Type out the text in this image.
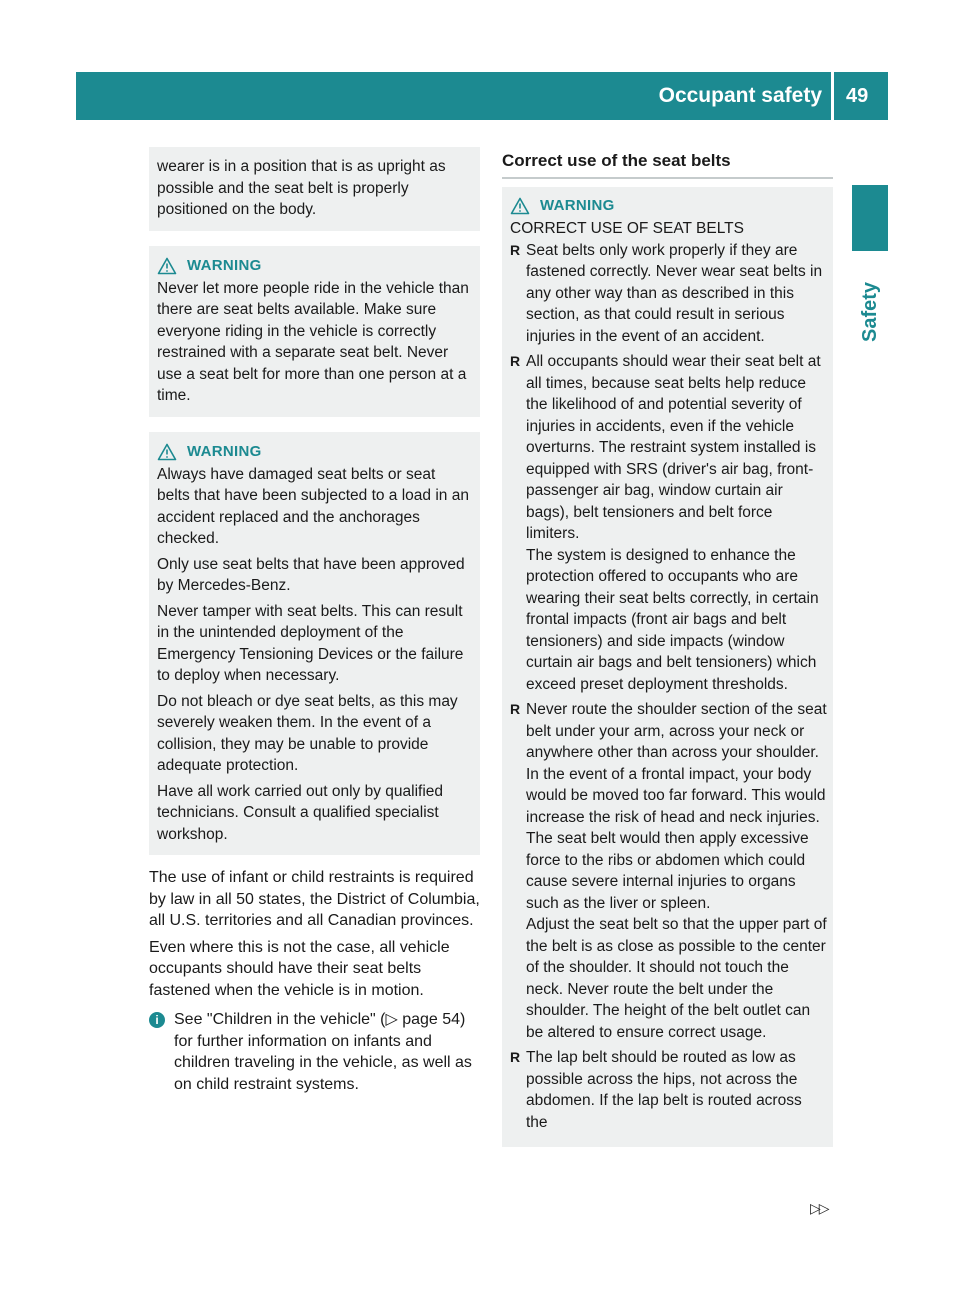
Occupant safety 49
Safety

wearer is in a position that is as upright as possible and the seat belt is properly positioned on the body.

WARNING

Never let more people ride in the vehicle than there are seat belts available. Make sure everyone riding in the vehicle is correctly restrained with a separate seat belt. Never use a seat belt for more than one person at a time.

WARNING

Always have damaged seat belts or seat belts that have been subjected to a load in an accident replaced and the anchorages checked.

Only use seat belts that have been approved by Mercedes-Benz.

Never tamper with seat belts. This can result in the unintended deployment of the Emergency Tensioning Devices or the failure to deploy when necessary.

Do not bleach or dye seat belts, as this may severely weaken them. In the event of a collision, they may be unable to provide adequate protection.

Have all work carried out only by qualified technicians. Consult a qualified specialist workshop.

The use of infant or child restraints is required by law in all 50 states, the District of Columbia, all U.S. territories and all Canadian provinces.

Even where this is not the case, all vehicle occupants should have their seat belts fastened when the vehicle is in motion.

i See "Children in the vehicle" (▷ page 54) for further information on infants and children traveling in the vehicle, as well as on child restraint systems.
Correct use of the seat belts
WARNING

CORRECT USE OF SEAT BELTS

R Seat belts only work properly if they are fastened correctly. Never wear seat belts in any other way than as described in this section, as that could result in serious injuries in the event of an accident.
R All occupants should wear their seat belt at all times, because seat belts help reduce the likelihood of and potential severity of injuries in accidents, even if the vehicle overturns. The restraint system installed is equipped with SRS (driver's air bag, front-passenger air bag, window curtain air bags), belt tensioners and belt force limiters.

The system is designed to enhance the protection offered to occupants who are wearing their seat belts correctly, in certain frontal impacts (front air bags and belt tensioners) and side impacts (window curtain air bags and belt tensioners) which exceed preset deployment thresholds.

R Never route the shoulder section of the seat belt under your arm, across your neck or anywhere other than across your shoulder. In the event of a frontal impact, your body would be moved too far forward. This would increase the risk of head and neck injuries. The seat belt would then apply excessive force to the ribs or abdomen which could cause severe internal injuries to organs such as the liver or spleen.

Adjust the seat belt so that the upper part of the belt is as close as possible to the center of the shoulder. It should not touch the neck. Never route the belt under the shoulder. The height of the belt outlet can be altered to ensure correct usage.

R The lap belt should be routed as low as possible across the hips, not across the abdomen. If the lap belt is routed across the
▷▷
